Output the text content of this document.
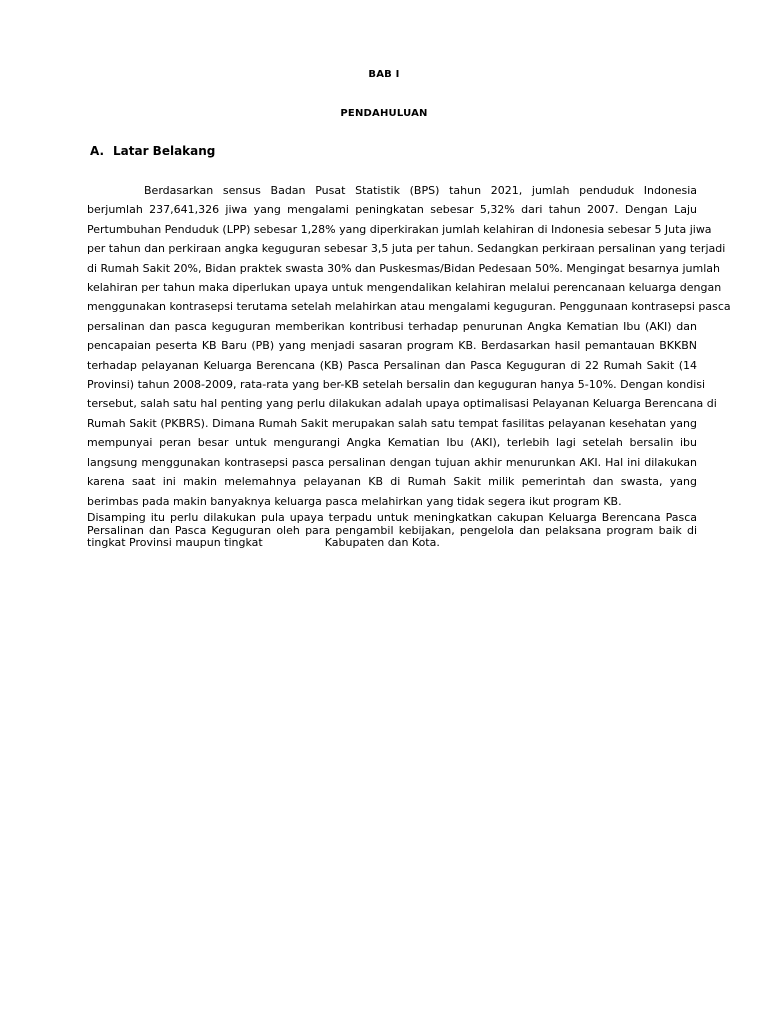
BAB I
PENDAHULUAN
A. Latar Belakang

Berdasarkan sensus Badan Pusat Statistik (BPS) tahun 2021, jumlah penduduk Indonesia
berjumlah 237,641,326 jiwa yang mengalami peningkatan sebesar 5,32% dari tahun 2007. Dengan Laju
Pertumbuhan Penduduk (LPP) sebesar 1,28% yang diperkirakan jumlah kelahiran di Indonesia sebesar 5 Juta jiwa
per tahun dan perkiraan angka keguguran sebesar 3,5 juta per tahun. Sedangkan perkiraan persalinan yang terjadi
di Rumah Sakit 20%, Bidan praktek swasta 30% dan Puskesmas/Bidan Pedesaan 50%. Mengingat besarnya jumlah
kelahiran per tahun maka diperlukan upaya untuk mengendalikan kelahiran melalui perencanaan keluarga dengan
menggunakan kontrasepsi terutama setelah melahirkan atau mengalami keguguran. Penggunaan kontrasepsi pasca
persalinan dan pasca keguguran memberikan kontribusi terhadap penurunan Angka Kematian Ibu (AKI) dan
pencapaian peserta KB Baru (PB) yang menjadi sasaran program KB. Berdasarkan hasil pemantauan BKKBN
terhadap pelayanan Keluarga Berencana (KB) Pasca Persalinan dan Pasca Keguguran di 22 Rumah Sakit (14
Provinsi) tahun 2008-2009, rata-rata yang ber-KB setelah bersalin dan keguguran hanya 5-10%. Dengan kondisi
tersebut, salah satu hal penting yang perlu dilakukan adalah upaya optimalisasi Pelayanan Keluarga Berencana di
Rumah Sakit (PKBRS). Dimana Rumah Sakit merupakan salah satu tempat fasilitas pelayanan kesehatan yang
mempunyai peran besar untuk mengurangi Angka Kematian Ibu (AKI), terlebih lagi setelah bersalin ibu
langsung menggunakan kontrasepsi pasca persalinan dengan tujuan akhir menurunkan AKI. Hal ini dilakukan
karena saat ini makin melemahnya pelayanan KB di Rumah Sakit milik pemerintah dan swasta, yang
berimbas pada makin banyaknya keluarga pasca melahirkan yang tidak segera ikut program KB.

Disamping itu perlu dilakukan pula upaya terpadu untuk meningkatkan cakupan Keluarga Berencana Pasca
Persalinan dan Pasca Keguguran oleh para pengambil kebijakan, pengelola dan pelaksana program baik di
tingkat Provinsi maupun tingkat	Kabupaten dan Kota.
